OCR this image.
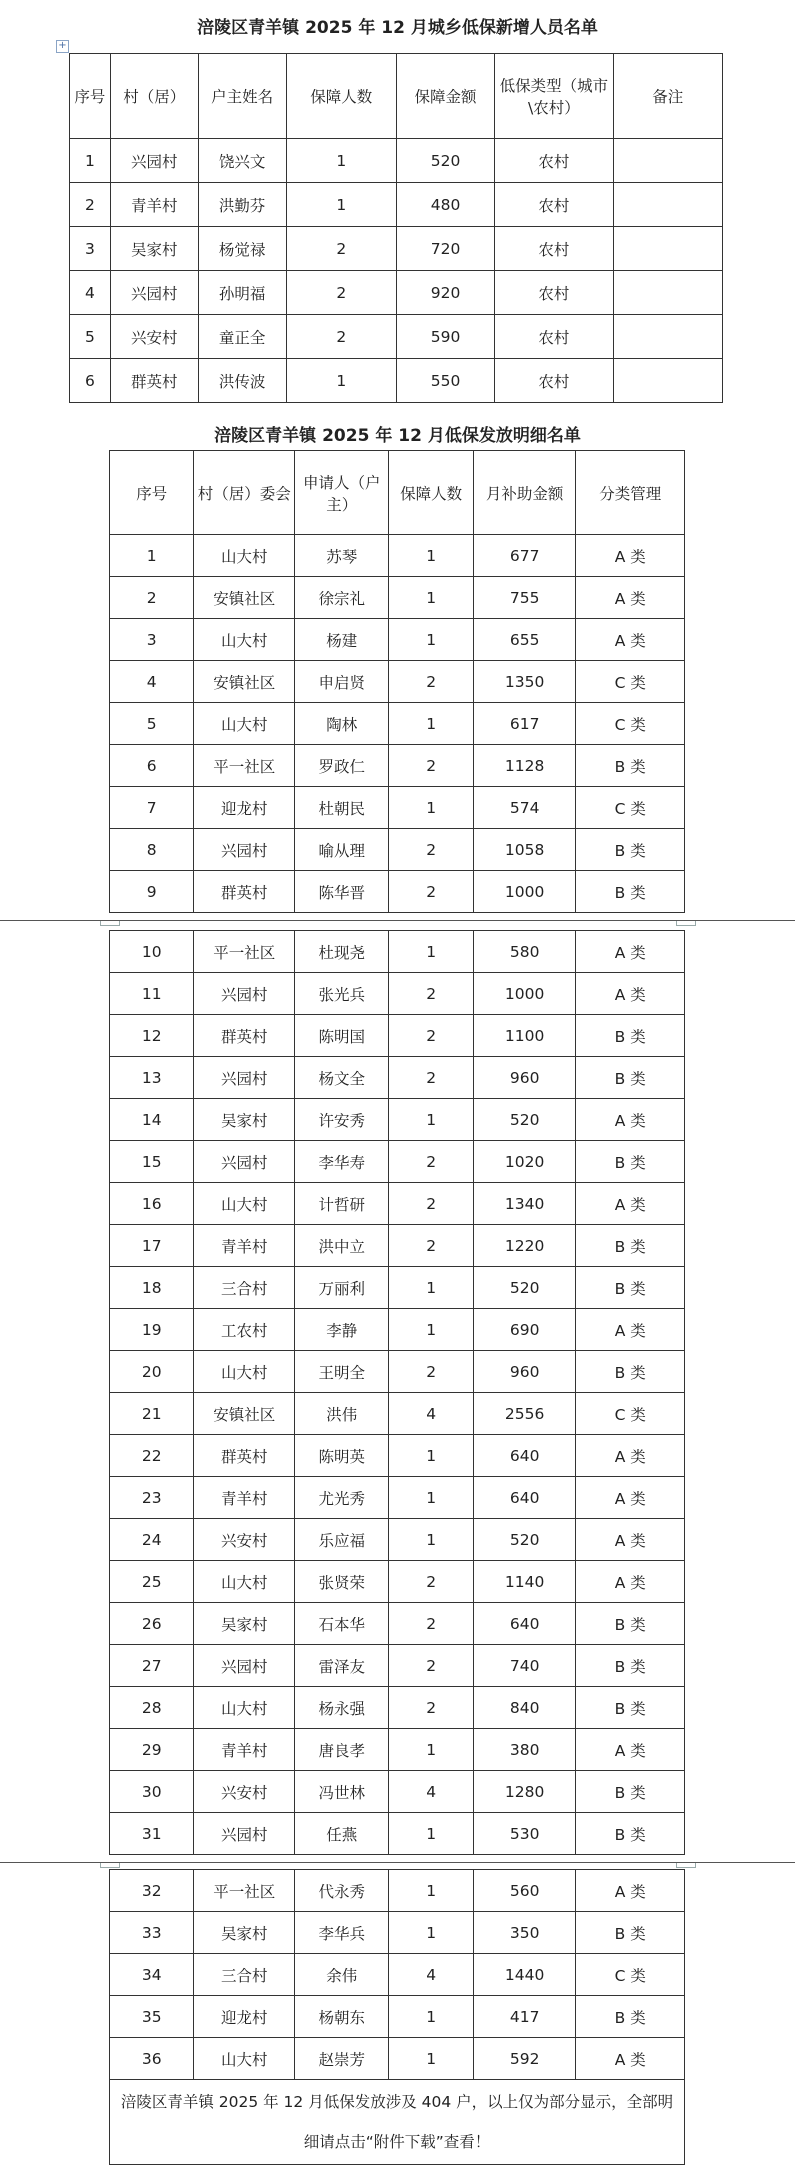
+
涪陵区青羊镇 2025 年 12 月城乡低保新增人员名单
序号	村（居）	户主姓名	保障人数	保障金额	低保类型（城市\农村）	备注
1	兴园村	饶兴文	1	520	农村	
2	青羊村	洪勤芬	1	480	农村	
3	吴家村	杨觉禄	2	720	农村	
4	兴园村	孙明福	2	920	农村	
5	兴安村	童正全	2	590	农村	
6	群英村	洪传波	1	550	农村	
涪陵区青羊镇 2025 年 12 月低保发放明细名单
序号	村（居）委会	申请人（户主）	保障人数	月补助金额	分类管理
1	山大村	苏琴	1	677	A 类
2	安镇社区	徐宗礼	1	755	A 类
3	山大村	杨建	1	655	A 类
4	安镇社区	申启贤	2	1350	C 类
5	山大村	陶林	1	617	C 类
6	平一社区	罗政仁	2	1128	B 类
7	迎龙村	杜朝民	1	574	C 类
8	兴园村	喻从理	2	1058	B 类
9	群英村	陈华晋	2	1000	B 类
10	平一社区	杜现尧	1	580	A 类
11	兴园村	张光兵	2	1000	A 类
12	群英村	陈明国	2	1100	B 类
13	兴园村	杨文全	2	960	B 类
14	吴家村	许安秀	1	520	A 类
15	兴园村	李华寿	2	1020	B 类
16	山大村	计哲研	2	1340	A 类
17	青羊村	洪中立	2	1220	B 类
18	三合村	万丽利	1	520	B 类
19	工农村	李静	1	690	A 类
20	山大村	王明全	2	960	B 类
21	安镇社区	洪伟	4	2556	C 类
22	群英村	陈明英	1	640	A 类
23	青羊村	尤光秀	1	640	A 类
24	兴安村	乐应福	1	520	A 类
25	山大村	张贤荣	2	1140	A 类
26	吴家村	石本华	2	640	B 类
27	兴园村	雷泽友	2	740	B 类
28	山大村	杨永强	2	840	B 类
29	青羊村	唐良孝	1	380	A 类
30	兴安村	冯世林	4	1280	B 类
31	兴园村	任燕	1	530	B 类
32	平一社区	代永秀	1	560	A 类
33	吴家村	李华兵	1	350	B 类
34	三合村	余伟	4	1440	C 类
35	迎龙村	杨朝东	1	417	B 类
36	山大村	赵崇芳	1	592	A 类
涪陵区青羊镇 2025 年 12 月低保发放涉及 404 户，以上仅为部分显示，全部明细请点击“附件下载”查看！					
